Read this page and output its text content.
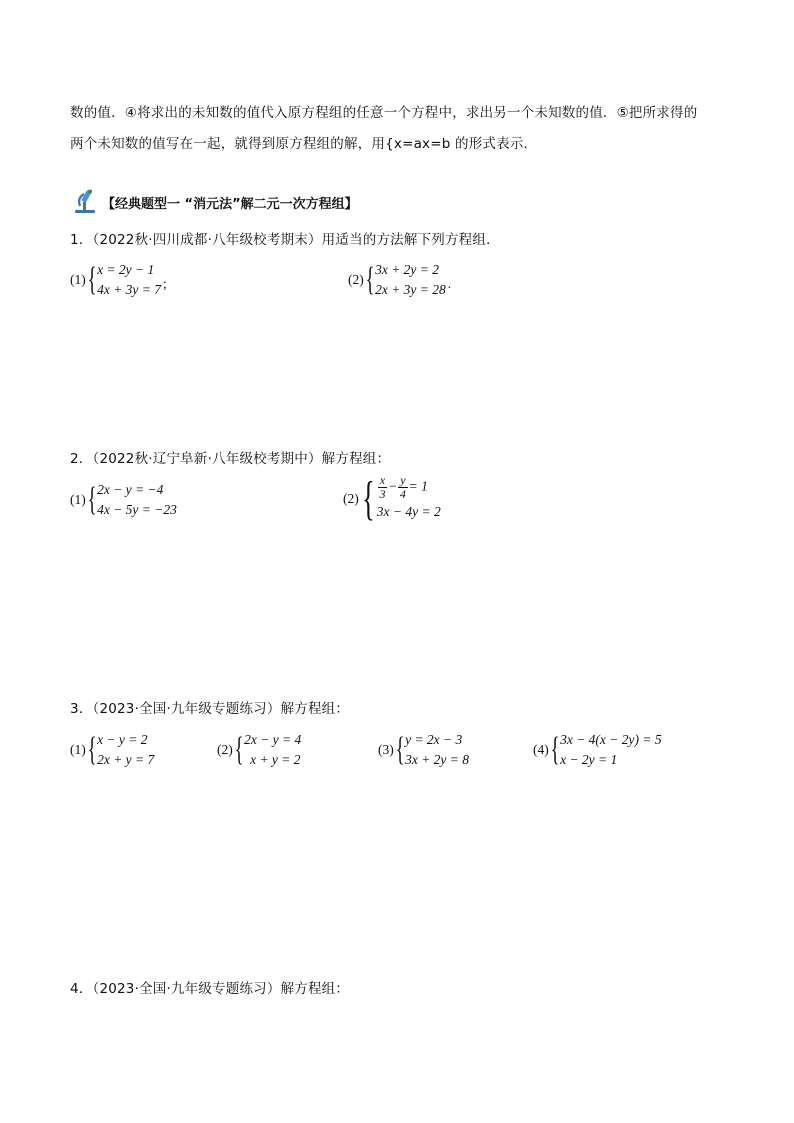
数的值．④将求出的未知数的值代入原方程组的任意一个方程中，求出另一个未知数的值．⑤把所求得的
两个未知数的值写在一起，就得到原方程组的解，用{x=ax=b 的形式表示．
【经典题型一 “消元法”解二元一次方程组】
1．（2022秋·四川成都·八年级校考期末）用适当的方法解下列方程组．
(1) { x = 2y − 1
4x + 3y = 7 ;	(2) { 3x + 2y = 2
2x + 3y = 28 .
2．（2022秋·辽宁阜新·八年级校考期中）解方程组：
(1) { 2x − y = −4
4x − 5y = −23
(2) { $\frac{x}{3} - \frac{y}{4} = 1$
3x − 4y = 2
3．（2023·全国·九年级专题练习）解方程组：
(1) { x − y = 2
2x + y = 7
(2) { 2x − y = 4
x + y = 2
(3) { y = 2x − 3
3x + 2y = 8
(4) { 3x − 4(x − 2y) = 5
x − 2y = 1
4．（2023·全国·九年级专题练习）解方程组：
